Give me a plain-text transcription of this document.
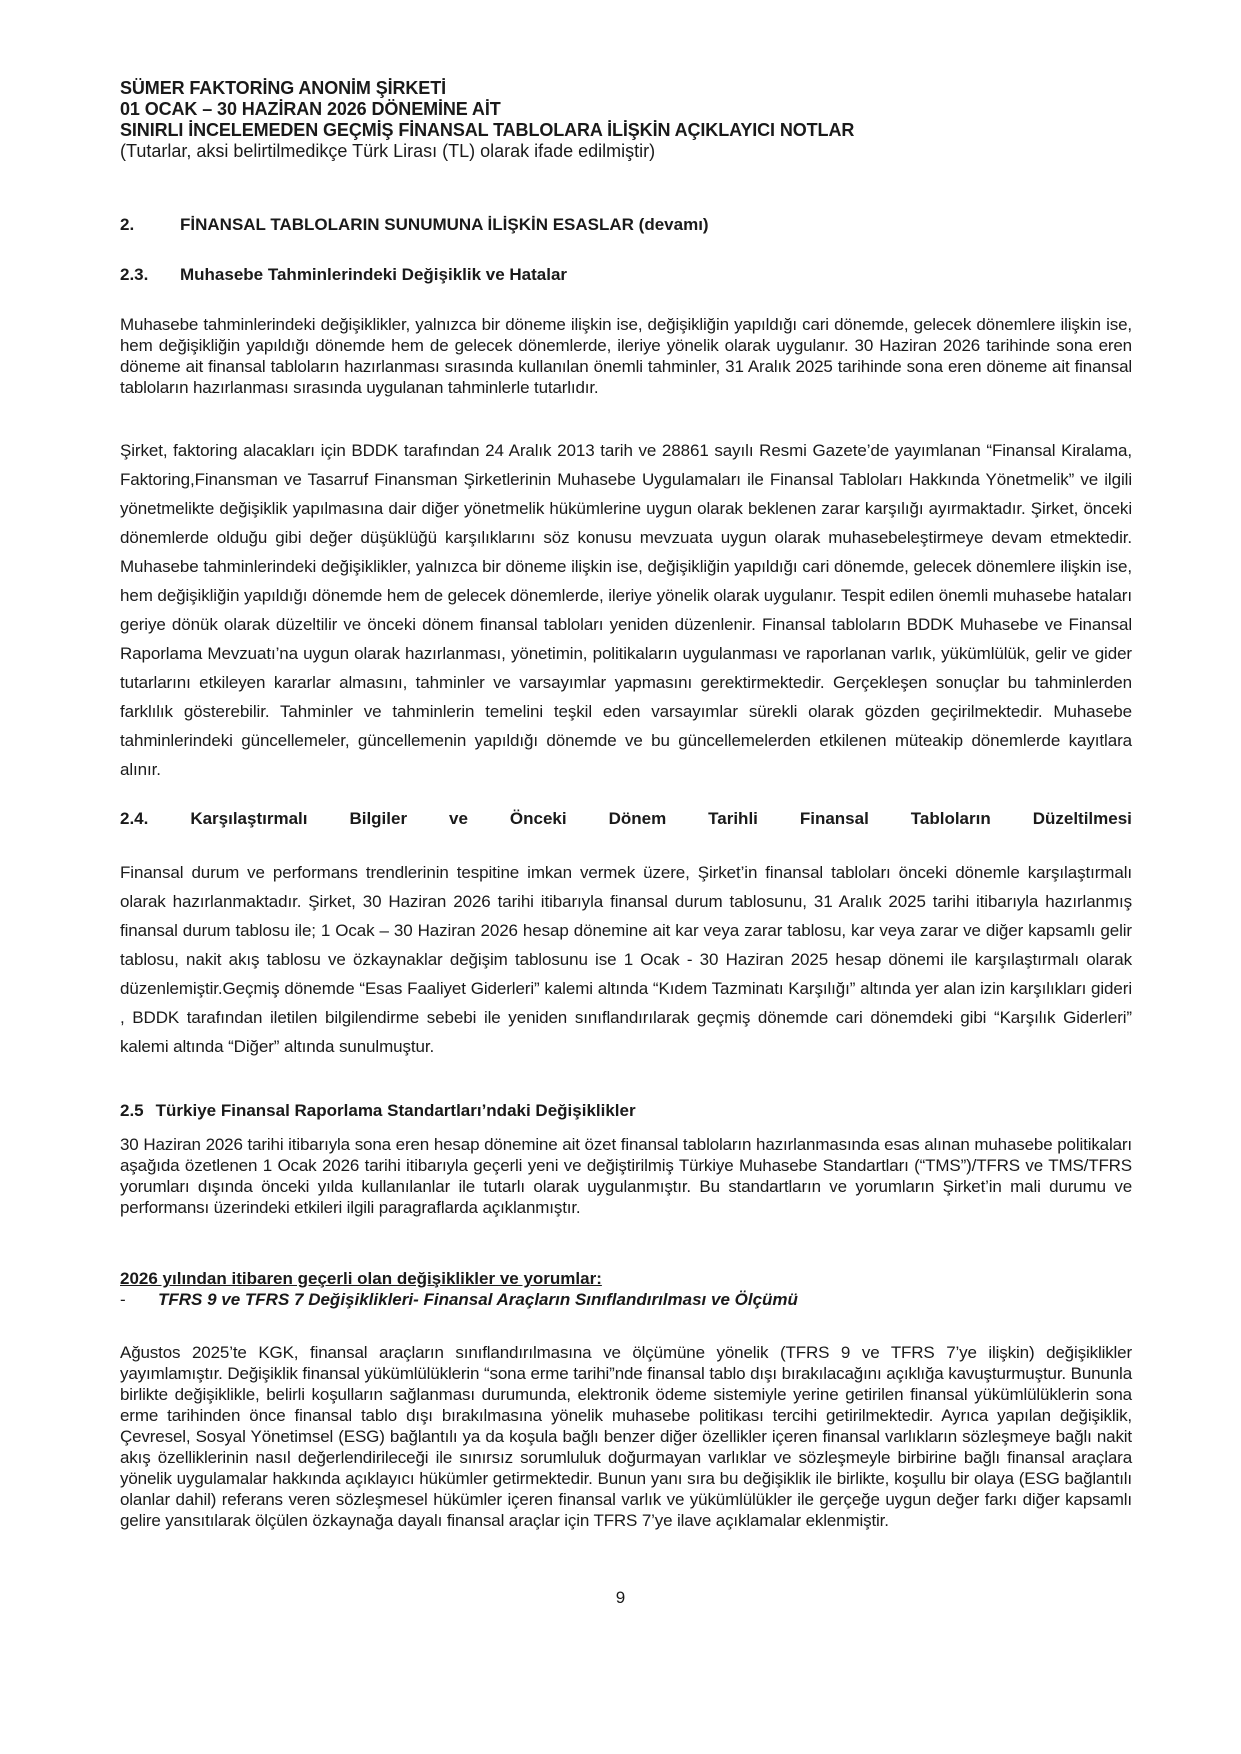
SÜMER FAKTORİNG ANONİM ŞİRKETİ

01 OCAK – 30 HAZİRAN 2026 DÖNEMİNE AİT

SINIRLI İNCELEMEDEN GEÇMİŞ FİNANSAL TABLOLARA İLİŞKİN AÇIKLAYICI NOTLAR

(Tutarlar, aksi belirtilmedikçe Türk Lirası (TL) olarak ifade edilmiştir)

2.	FİNANSAL TABLOLARIN SUNUMUNA İLİŞKİN ESASLAR (devamı)
2.3.	Muhasebe Tahminlerindeki Değişiklik ve Hatalar

Muhasebe tahminlerindeki değişiklikler, yalnızca bir döneme ilişkin ise, değişikliğin yapıldığı cari dönemde, gelecek dönemlere ilişkin ise, hem değişikliğin yapıldığı dönemde hem de gelecek dönemlerde, ileriye yönelik olarak uygulanır. 30 Haziran 2026 tarihinde sona eren döneme ait finansal tabloların hazırlanması sırasında kullanılan önemli tahminler, 31 Aralık 2025 tarihinde sona eren döneme ait finansal tabloların hazırlanması sırasında uygulanan tahminlerle tutarlıdır.

Şirket, faktoring alacakları için BDDK tarafından 24 Aralık 2013 tarih ve 28861 sayılı Resmi Gazete’de yayımlanan “Finansal Kiralama, Faktoring,Finansman ve Tasarruf Finansman Şirketlerinin Muhasebe Uygulamaları ile Finansal Tabloları Hakkında Yönetmelik” ve ilgili yönetmelikte değişiklik yapılmasına dair diğer yönetmelik hükümlerine uygun olarak beklenen zarar karşılığı ayırmaktadır. Şirket, önceki dönemlerde olduğu gibi değer düşüklüğü karşılıklarını söz konusu mevzuata uygun olarak muhasebeleştirmeye devam etmektedir. Muhasebe tahminlerindeki değişiklikler, yalnızca bir döneme ilişkin ise, değişikliğin yapıldığı cari dönemde, gelecek dönemlere ilişkin ise, hem değişikliğin yapıldığı dönemde hem de gelecek dönemlerde, ileriye yönelik olarak uygulanır. Tespit edilen önemli muhasebe hataları geriye dönük olarak düzeltilir ve önceki dönem finansal tabloları yeniden düzenlenir. Finansal tabloların BDDK Muhasebe ve Finansal Raporlama Mevzuatı’na uygun olarak hazırlanması, yönetimin, politikaların uygulanması ve raporlanan varlık, yükümlülük, gelir ve gider tutarlarını etkileyen kararlar almasını, tahminler ve varsayımlar yapmasını gerektirmektedir. Gerçekleşen sonuçlar bu tahminlerden farklılık gösterebilir. Tahminler ve tahminlerin temelini teşkil eden varsayımlar sürekli olarak gözden geçirilmektedir. Muhasebe tahminlerindeki güncellemeler, güncellemenin yapıldığı dönemde ve bu güncellemelerden etkilenen müteakip dönemlerde kayıtlara alınır.

2.4. Karşılaştırmalı Bilgiler ve Önceki Dönem Tarihli Finansal Tabloların Düzeltilmesi

Finansal durum ve performans trendlerinin tespitine imkan vermek üzere, Şirket’in finansal tabloları önceki dönemle karşılaştırmalı olarak hazırlanmaktadır. Şirket, 30 Haziran 2026 tarihi itibarıyla finansal durum tablosunu, 31 Aralık 2025 tarihi itibarıyla hazırlanmış finansal durum tablosu ile; 1 Ocak – 30 Haziran 2026 hesap dönemine ait kar veya zarar tablosu, kar veya zarar ve diğer kapsamlı gelir tablosu, nakit akış tablosu ve özkaynaklar değişim tablosunu ise 1 Ocak - 30 Haziran 2025 hesap dönemi ile karşılaştırmalı olarak düzenlemiştir.Geçmiş dönemde “Esas Faaliyet Giderleri” kalemi altında “Kıdem Tazminatı Karşılığı” altında yer alan izin karşılıkları gideri , BDDK tarafından iletilen bilgilendirme sebebi ile yeniden sınıflandırılarak geçmiş dönemde cari dönemdeki gibi “Karşılık Giderleri” kalemi altında “Diğer” altında sunulmuştur.

2.5 Türkiye Finansal Raporlama Standartları’ndaki Değişiklikler

30 Haziran 2026 tarihi itibarıyla sona eren hesap dönemine ait özet finansal tabloların hazırlanmasında esas alınan muhasebe politikaları aşağıda özetlenen 1 Ocak 2026 tarihi itibarıyla geçerli yeni ve değiştirilmiş Türkiye Muhasebe Standartları (“TMS”)/TFRS ve TMS/TFRS yorumları dışında önceki yılda kullanılanlar ile tutarlı olarak uygulanmıştır. Bu standartların ve yorumların Şirket’in mali durumu ve performansı üzerindeki etkileri ilgili paragraflarda açıklanmıştır.

2026 yılından itibaren geçerli olan değişiklikler ve yorumlar:

-	TFRS 9 ve TFRS 7 Değişiklikleri- Finansal Araçların Sınıflandırılması ve Ölçümü

Ağustos 2025’te KGK, finansal araçların sınıflandırılmasına ve ölçümüne yönelik (TFRS 9 ve TFRS 7’ye ilişkin) değişiklikler yayımlamıştır. Değişiklik finansal yükümlülüklerin “sona erme tarihi”nde finansal tablo dışı bırakılacağını açıklığa kavuşturmuştur. Bununla birlikte değişiklikle, belirli koşulların sağlanması durumunda, elektronik ödeme sistemiyle yerine getirilen finansal yükümlülüklerin sona erme tarihinden önce finansal tablo dışı bırakılmasına yönelik muhasebe politikası tercihi getirilmektedir. Ayrıca yapılan değişiklik, Çevresel, Sosyal Yönetimsel (ESG) bağlantılı ya da koşula bağlı benzer diğer özellikler içeren finansal varlıkların sözleşmeye bağlı nakit akış özelliklerinin nasıl değerlendirileceği ile sınırsız sorumluluk doğurmayan varlıklar ve sözleşmeyle birbirine bağlı finansal araçlara yönelik uygulamalar hakkında açıklayıcı hükümler getirmektedir. Bunun yanı sıra bu değişiklik ile birlikte, koşullu bir olaya (ESG bağlantılı olanlar dahil) referans veren sözleşmesel hükümler içeren finansal varlık ve yükümlülükler ile gerçeğe uygun değer farkı diğer kapsamlı gelire yansıtılarak ölçülen özkaynağa dayalı finansal araçlar için TFRS 7’ye ilave açıklamalar eklenmiştir.

9
